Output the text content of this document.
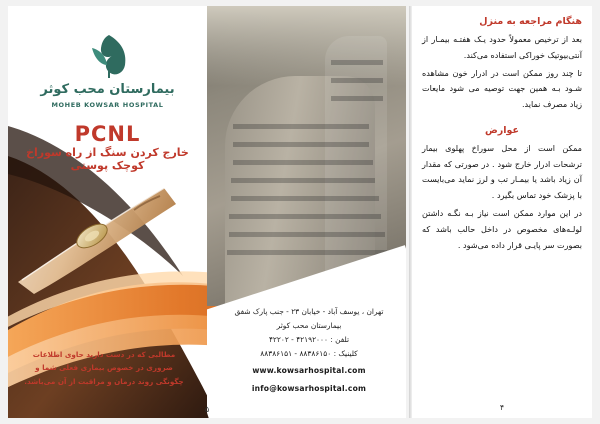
بیمارستان محب کوثر
MOHEB KOWSAR HOSPITAL
PCNL
خارج کردن سنگ از راه سوراخ کوچک پوستی
مطالبی که در دست دارید حاوی اطلاعات ضروری در خصوص بیماری فعلی شما و چگونگی روند درمان و مراقبت از آن می‌باشد.
تهران ، یوسف آباد - خیابان ۲۳ - جنب پارک شفق
بیمارستان محب کوثر
تلفن : ۴۲۱۹۲۰۰۰ - ۴۲۲۰۲
کلینیک : ۸۸۳۸۶۱۵۰ - ۸۸۳۸۶۱۵۱
www.kowsarhospital.com
info@kowsarhospital.com
۵
هنگام مراجعه به منزل

بعد از ترخیص معمولاً حدود یـک هفتـه بیمـار از آنتی‌بیوتیک خوراکی استفاده می‌کند.

تا چند روز ممکن است در ادرار خون مشاهده شـود بـه همین جهت توصیه می شود مایعات زیاد مصرف نماید.

عوارض

ممکن است از محل سوراخ پهلوی بیمار ترشحات ادرار خارج شود . در صورتی که مقدار آن زیاد باشد یا بیمـار تب و لرز نماید می‌بایست با پزشک خود تماس بگیرد .

در این موارد ممکن است نیاز بـه نگـه داشتن لولـه‌های مخصوص در داخل حالب باشد که بصورت سر پایـی قرار داده می‌شود .

۴
